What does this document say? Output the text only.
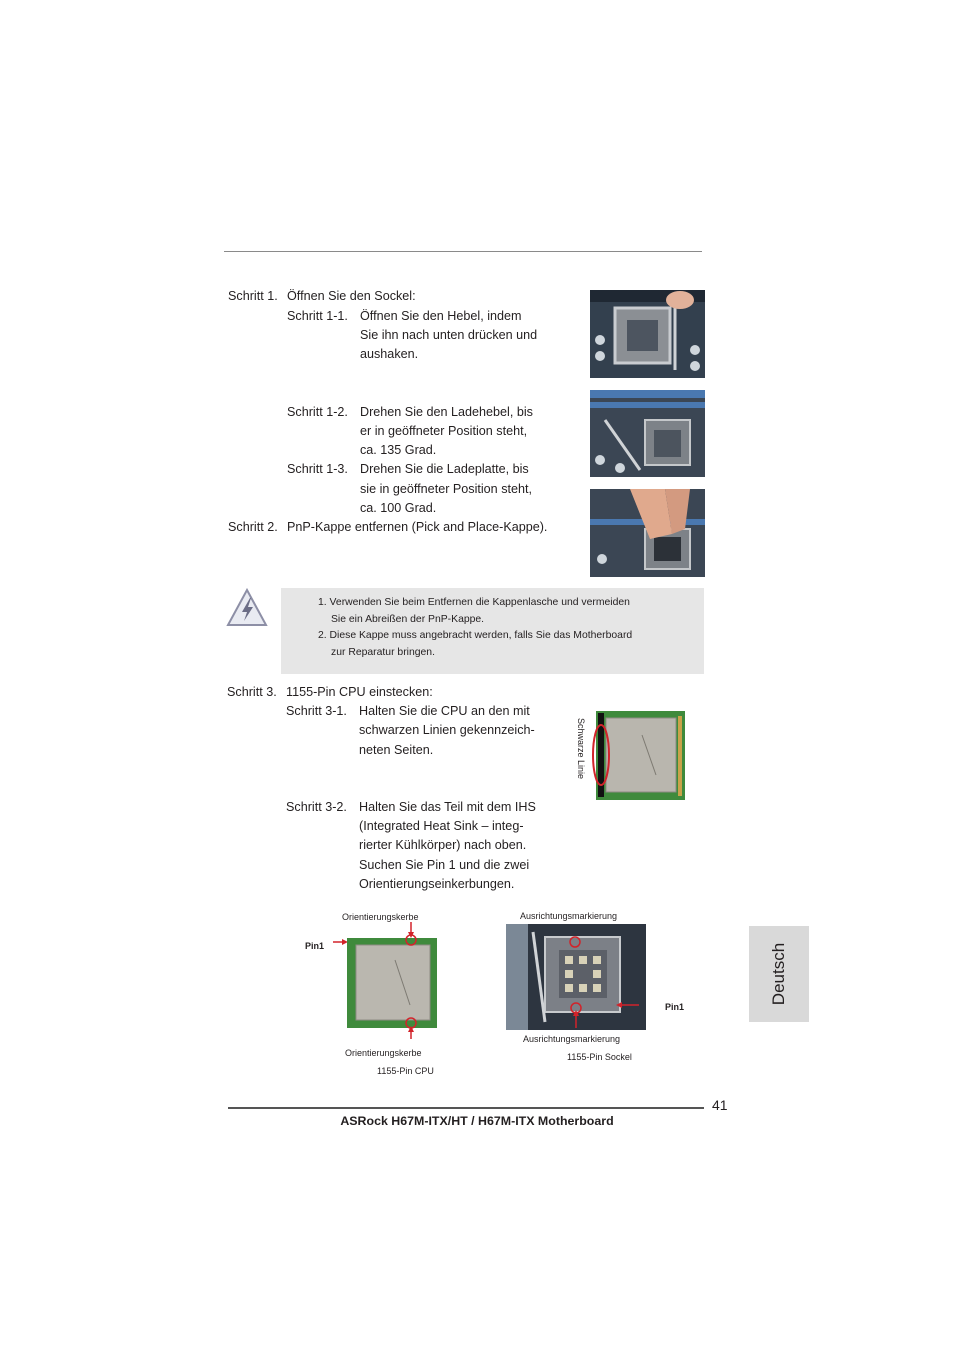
Schritt 1. Öffnen Sie den Sockel:
Schritt 1-1. Öffnen Sie den Hebel, indem
Sie ihn nach unten drücken und
aushaken.
Schritt 1-2. Drehen Sie den Ladehebel, bis
er in geöffneter Position steht,
ca. 135 Grad.
Schritt 1-3. Drehen Sie die Ladeplatte, bis
sie in geöffneter Position steht,
ca. 100 Grad.
Schritt 2. PnP-Kappe entfernen (Pick and Place-Kappe).
1. Verwenden Sie beim Entfernen die Kappenlasche und vermeiden
Sie ein Abreißen der PnP-Kappe.
2. Diese Kappe muss angebracht werden, falls Sie das Motherboard
zur Reparatur bringen.
Schritt 3. 1155-Pin CPU einstecken:
Schritt 3-1. Halten Sie die CPU an den mit
schwarzen Linien gekennzeich-
neten Seiten.
Schritt 3-2. Halten Sie das Teil mit dem IHS
(Integrated Heat Sink – integ-
rierter Kühlkörper) nach oben.
Suchen Sie Pin 1 und die zwei
Orientierungseinkerbungen.
Schwarze Linie
Orientierungskerbe
Pin1
Orientierungskerbe
1155-Pin CPU
Ausrichtungsmarkierung
Pin1
Ausrichtungsmarkierung
1155-Pin Sockel
Deutsch
41
ASRock H67M-ITX/HT / H67M-ITX Motherboard
